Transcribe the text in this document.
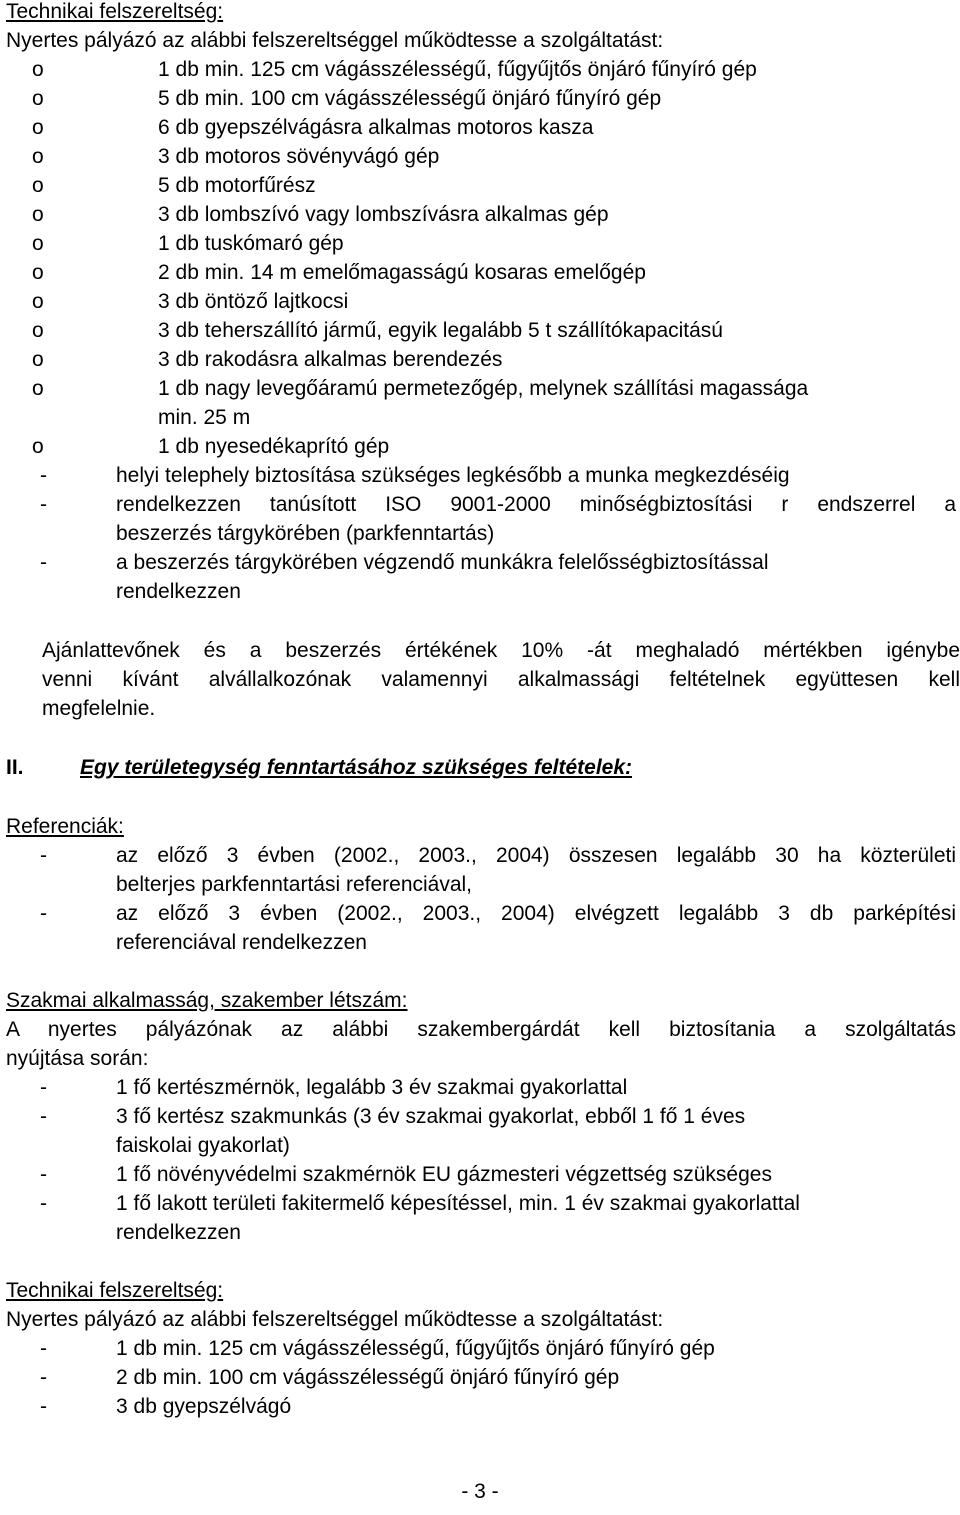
Technikai felszereltség:
Nyertes pályázó az alábbi felszereltséggel működtesse a szolgáltatást:
o	1 db min. 125 cm vágásszélességű, fűgyűjtős önjáró fűnyíró gép
o	5 db min. 100 cm vágásszélességű önjáró fűnyíró gép
o	6 db gyepszélvágásra alkalmas motoros kasza
o	3 db motoros sövényvágó gép
o	5 db motorfűrész
o	3 db lombszívó vagy lombszívásra alkalmas gép
o	1 db tuskómaró gép
o	2 db min. 14 m emelőmagasságú kosaras emelőgép
o	3 db öntöző lajtkocsi
o	3 db teherszállító jármű, egyik legalább 5 t szállítókapacitású
o	3 db rakodásra alkalmas berendezés
o	1 db nagy levegőáramú permetezőgép, melynek szállítási magassága
min. 25 m
o	1 db nyesedékaprító gép
-	helyi telephely biztosítása szükséges legkésőbb a munka megkezdéséig
-	rendelkezzen tanúsított ISO 9001-2000 minőségbiztosítási r endszerrel a
beszerzés tárgykörében (parkfenntartás)
-	a beszerzés tárgykörében végzendő munkákra felelősségbiztosítással
rendelkezzen
Ajánlattevőnek és a beszerzés értékének 10% -át meghaladó mértékben igénybe
venni kívánt alvállalkozónak valamennyi alkalmassági feltételnek együttesen kell
megfelelnie.
II.	Egy területegység fenntartásához szükséges feltételek:
Referenciák:
-	az előző 3 évben (2002., 2003., 2004) összesen legalább 30 ha közterületi
belterjes parkfenntartási referenciával,
-	az előző 3 évben (2002., 2003., 2004) elvégzett legalább 3 db parképítési
referenciával rendelkezzen
Szakmai alkalmasság, szakember létszám:
A nyertes pályázónak az alábbi szakembergárdát kell biztosítania a szolgáltatás
nyújtása során:
-	1 fő kertészmérnök, legalább 3 év szakmai gyakorlattal
-	3 fő kertész szakmunkás (3 év szakmai gyakorlat, ebből 1 fő 1 éves
faiskolai gyakorlat)
-	1 fő növényvédelmi szakmérnök EU gázmesteri végzettség szükséges
-	1 fő lakott területi fakitermelő képesítéssel, min. 1 év szakmai gyakorlattal
rendelkezzen
Technikai felszereltség:
Nyertes pályázó az alábbi felszereltséggel működtesse a szolgáltatást:
-	1 db min. 125 cm vágásszélességű, fűgyűjtős önjáró fűnyíró gép
-	2 db min. 100 cm vágásszélességű önjáró fűnyíró gép
-	3 db gyepszélvágó
- 3 -
